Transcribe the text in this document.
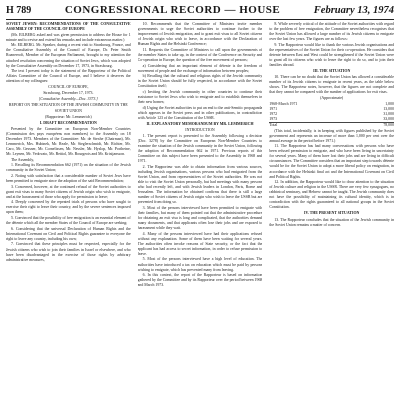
H 789	CONGRESSIONAL RECORD — HOUSE	February 13, 1974

SOVIET JEWRY: RECOMMENDATIONS OF THE CONSULTATIVE ASSEMBLY OF THE COUNCIL OF EUROPE

(Mr. EILBERG asked and was given permission to address the House for 1 minute and to revise and extend his remarks and include extraneous matter.)

Mr. EILBERG. Mr. Speaker, during a recent visit to Strasbourg, France, and the Consultative Assembly of the Council of Europe, Dr. Peter Smith Roaneeroft, Member of the European Parliament, brought to my attention the attached resolution concerning the situation of Soviet Jews, which was adopted by the Consultative Assembly on December 17, 1973, in Strasbourg.

The text I present today is the statement of the Rapporteur of the Political Affairs Committee of the Council of Europe, and I believe it deserves the attention of my colleagues:

COUNCIL OF EUROPE,

Strasbourg, December 17, 1973.

[Consultative Assembly—Doc. 3373.]

REPORT ON THE SITUATION OF THE JEWISH COMMUNITY IN THE SOVIET UNION

(Rapporteur: Mr. Lemmerich)

I. DRAFT RECOMMENDATION

Presented by the Committee on European Non-Member Countries (Commission des pays européens non membres) to the Assembly on 18 December 1973. Members of the Committee: Mr. de Stexhe (Chairman), Mr. Lemmerich, Mrs. Hubinek, Mr. Reale, Mr. Sieglerschmidt, Mr. Richter, Mr. Caro, Mr. Gessner, Mr. Cornelissen, Mr. Nessler, Mr. Hyslop, Mr. Portheine, Mr. Leynen, Mr. Vedovato, Mr. Bettiol, Mr. Bourgeois and Mr. Kristjansson.

The Assembly,

1. Recalling its Recommendation 662 (1971) on the situation of the Jewish community in the Soviet Union;

2. Noting with satisfaction that a considerable number of Soviet Jews have been permitted to emigrate since the adoption of the said Recommendation;

3. Concerned, however, at the continued refusal of the Soviet authorities to grant exit visas to many Soviet citizens of Jewish origin who wish to emigrate, and at the harassment of those who apply for permission to leave;

4. Deeply concerned by the repeated trials of persons who have sought to exercise their right to leave their country, and by the severe sentences imposed upon them;

5. Convinced that the possibility of free emigration is an essential element of the détente which all the member States of the Council of Europe are seeking;

6. Considering that the universal Declaration of Human Rights and the International Covenant on Civil and Political Rights guarantee to everyone the right to leave any country, including his own;

7. Convinced that these principles must be respected, especially for the Jewish citizens who wish to join their families in Israel or elsewhere, and who have been disadvantaged in the exercise of those rights by arbitrary administrative measures,

10. Recommends that the Committee of Ministers invite member governments to urge the Soviet authorities to continue further to the improvement of Jewish emigration, and to grant exit visas to all Soviet citizens of Jewish origin who wish to leave, in accordance with the Declaration of Human Rights and the Helsinki Conference;

11. Requests the Committee of Ministers to call upon the governments of the member States to take up, in the context of the Conference on Security and Co-operation in Europe, the question of the free movement of persons;

a) Considering that an important element of détente is the freedom of movement of people and the exchange of information between peoples;

b) Recalling that the cultural and religious rights of the Jewish community in the Soviet Union should be fully respected, in accordance with the Soviet Constitution itself;

c) Inviting the Jewish community in other countries to continue their assistance to Soviet Jews who wish to emigrate and to establish themselves in their new homes;

d) Urging the Soviet authorities to put an end to the anti-Semitic propaganda which appears in the Soviet press and in other publications, in contradiction with Article 123 of the Constitution of the USSR.

II. EXPLANATORY MEMORANDUM BY MR. LEMMERICH

INTRODUCTION

1. The present report is presented to the Assembly following a decision (Doc. 3278) by the Committee on European Non-Member Countries to examine the situation of the Jewish community in the Soviet Union, following the adoption of Recommendation 662 in 1971. Previous reports of this Committee on this subject have been presented to the Assembly in 1968 and 1971.

2. The Rapporteur was able to obtain information from various sources, including Jewish organisations, various persons who had emigrated from the Soviet Union, and from representatives of the Soviet authorities. He was not able to visit the Soviet Union personally, but had meetings with many persons who had recently left, and with Jewish leaders in London, Paris, Rome and Jerusalem. The information he obtained confirms that there is still a large number of Soviet citizens of Jewish origin who wish to leave the USSR but are prevented from doing so.

3. Most of the persons interviewed have been permitted to emigrate with their families, but many of them pointed out that the administrative procedure for obtaining an exit visa is long and complicated, that the authorities demand many documents, and that applicants often lose their jobs and are exposed to harassment while they wait.

4. Many of the persons interviewed have had their applications refused without any explanation. Some of them have been waiting for several years. The authorities often invoke reasons of State security, or the fact that the applicant has had access to secret information, in order to refuse permission to leave.

5. Most of the persons interviewed have a high level of education. The authorities have introduced a tax on education which must be paid by persons wishing to emigrate, which has prevented many from leaving.

6. In this context, the report of the Rapporteur is based on information gathered by the Committee and by its Rapporteur over the period between 1968 and March 1973.

8. While severely critical of the attitude of the Soviet authorities with regard to the problem of free emigration, the Committee nevertheless recognises that the Soviet Union has allowed a large number of its Jewish citizens to emigrate over the last few years. The figures are as follows:

9. The Rapporteur would like to thank the various Jewish organisations and the representatives of the Soviet Union for their co-operation. He considers that detente between East and West could be strengthened if the Soviet Union were to grant all its citizens who wish to leave the right to do so, and to join their families abroad.

III. THE SITUATION

10. There can be no doubt that the Soviet Union has allowed a considerable number of its Jewish citizens to emigrate in recent years, as the table below shows. The Rapporteur notes, however, that the figures are not complete and that they cannot be compared with the number of applications for exit visas.

(Approximate)

1968-March 1971	1,000
1971	13,000
1972	31,000
1973	33,000
Total	78,000

(This total, incidentally, is in keeping with figures published by the Soviet government and represents an increase of more than 1,000 per cent over the annual average in the period before 1971.)

11. The Rapporteur has had many conversations with persons who have been refused permission to emigrate, and who have been living in uncertainty for several years. Many of them have lost their jobs and are living in difficult circumstances. The Committee considers that an important step towards détente would be for the Soviet Union to adopt a more liberal policy on emigration, in accordance with the Helsinki final act and the International Covenant on Civil and Political Rights.

12. In addition, the Rapporteur would like to draw attention to the situation of Jewish culture and religion in the USSR. There are very few synagogues, no rabbinical seminary, and Hebrew cannot be taught. The Jewish community does not have the possibility of maintaining its cultural identity, which is in contradiction with the rights guaranteed to all national groups in the Soviet Constitution.

IV. THE PRESENT SITUATION

13. The Rapporteur concludes that the situation of the Jewish community in the Soviet Union remains a matter of concern.
